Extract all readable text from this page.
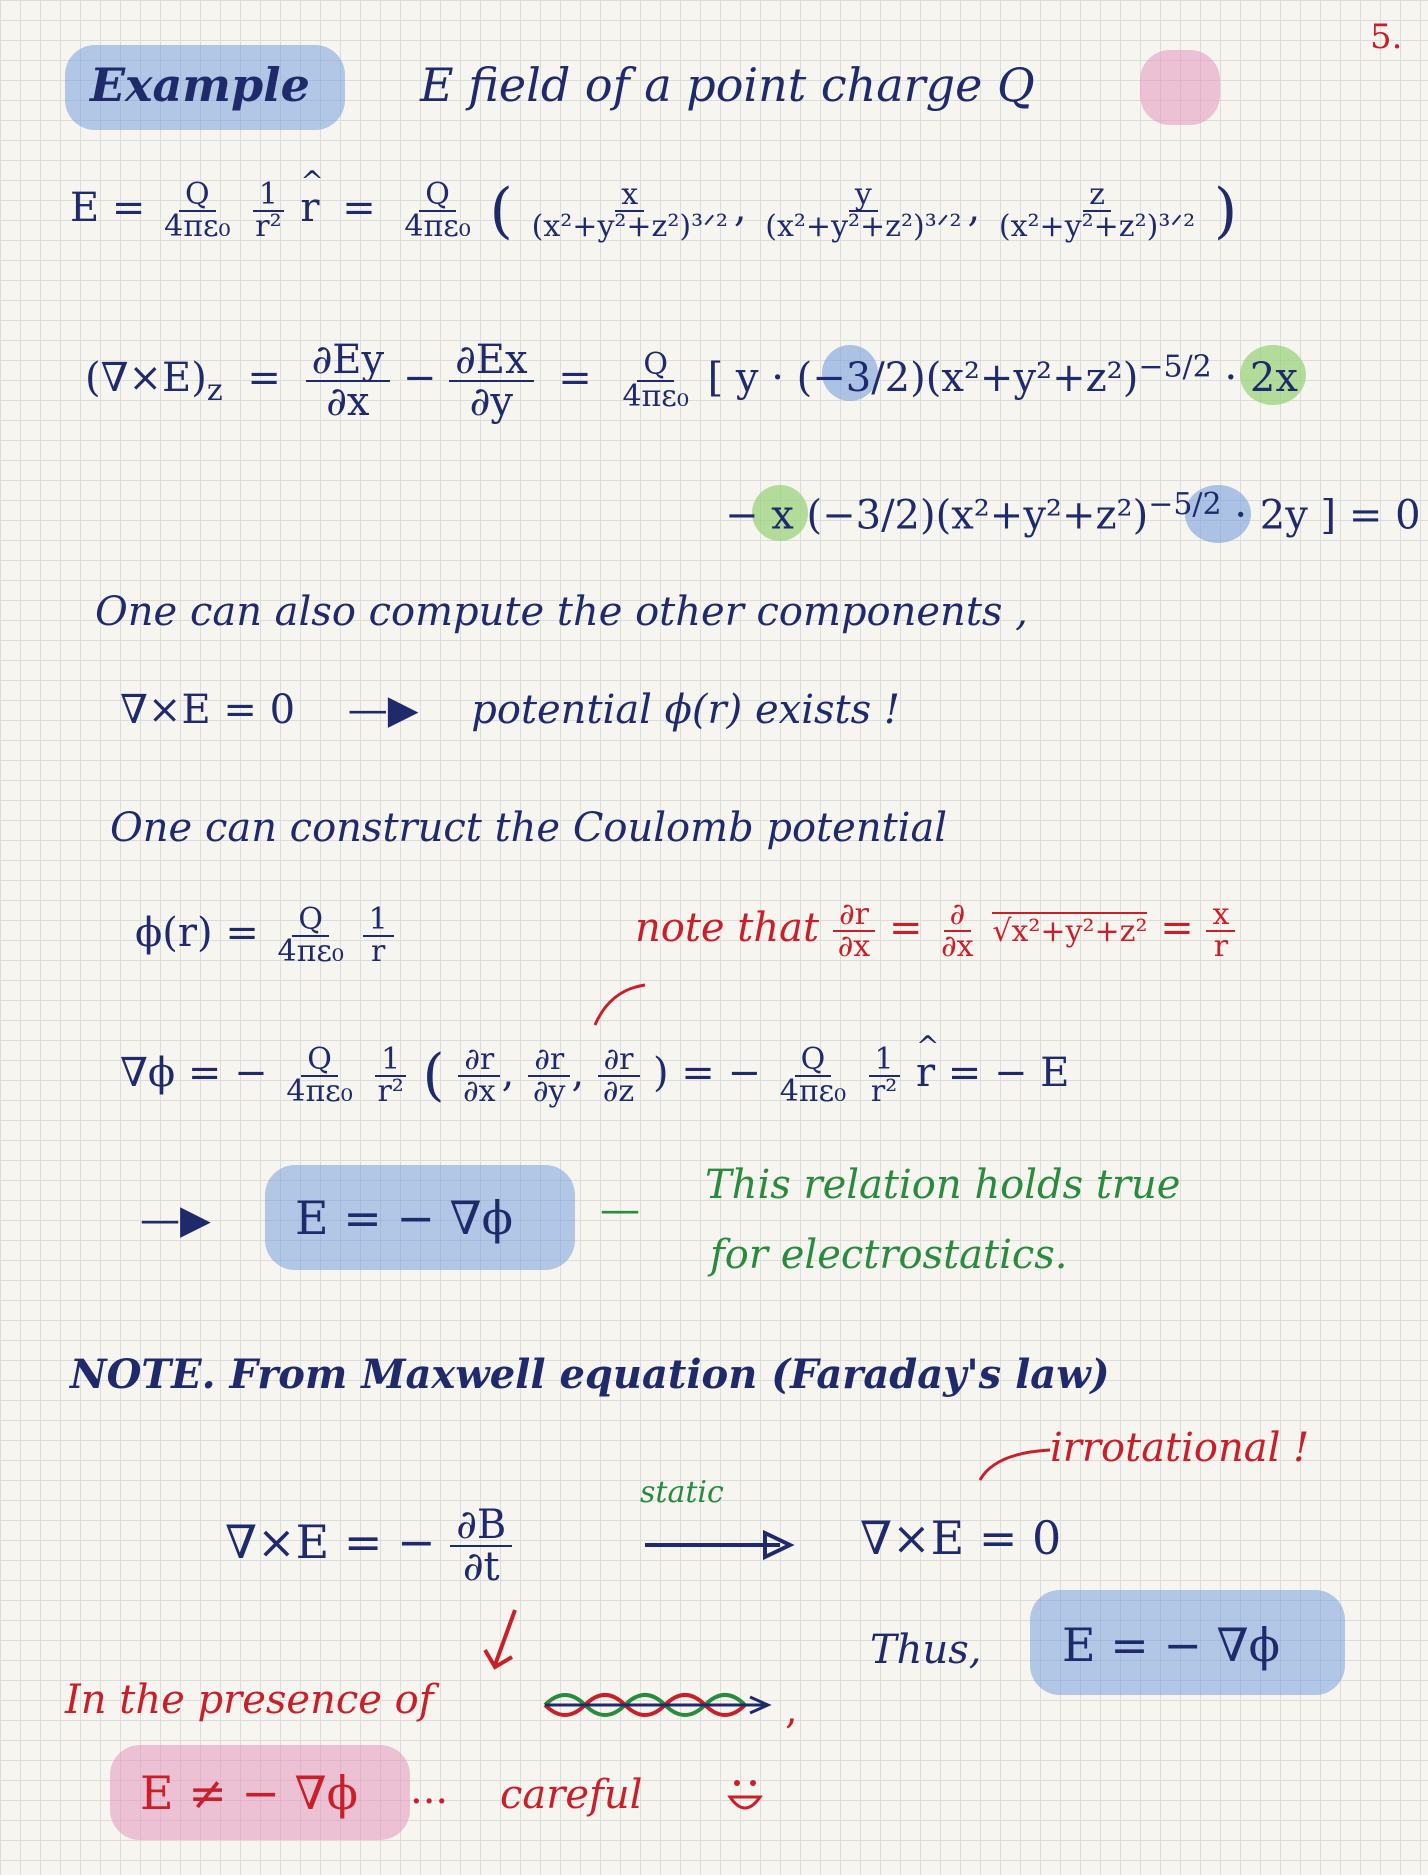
5.
Example E field of a point charge Q
$E = \frac{Q}{\text{4πε₀}}$
$\frac{1}{\text{r²}}$ ^ $r = \frac{Q}{\text{4πε₀}}$ ( $\frac{x}{\text{(x²+y²+z²)³ᐟ²}}$ , $\frac{y}{\text{(x²+y²+z²)³ᐟ²}}$ , $\frac{z}{\text{(x²+y²+z²)³ᐟ²}}$ )
$(\nabla\times E)_z = \frac{\partial Ey}{\partial x} - \frac{\partial Ex}{\partial y} = \frac{Q}{\text{4πε₀}}$ [ $y \cdot (-3/2)(x^2+y^2+z^2)^{-5/2} \cdot 2x$
− x $(-3/2)(x^2+y^2+z^2)^{-5/2} \cdot 2y$ ] = 0
One can also compute the other components ,
∇×E = 0 —▶ potential ϕ(r) exists !
One can construct the Coulomb potential
$\phi(r) = \frac{Q}{\text{4πε₀}}$
$\frac{1}{r}$	note that $\frac{\partial r}{\partial x} = \frac{\partial}{\partial x} √x^2+y^2+z^2 = \frac{x}{r}$
∇ϕ = − $\frac{Q}{\text{4πε₀}}$
$\frac{1}{\text{r²}}$ ( $\frac{\partial r}{\partial x}$ , $\frac{\partial r}{\partial y}$ , $\frac{\partial r}{\partial z}$ ) = − $\frac{Q}{\text{4πε₀}}$
$\frac{1}{\text{r²}}$ ^ r = − E
—▶ E = − ∇ϕ —
This relation holds true
for electrostatics.
NOTE. From Maxwell equation (Faraday's law)
irrotational !
∇×E = − $\frac{\partial B}{\partial t}$
static
∇×E = 0
Thus, E = − ∇ϕ
In the presence of	,
E ≠ − ∇ϕ ... careful
